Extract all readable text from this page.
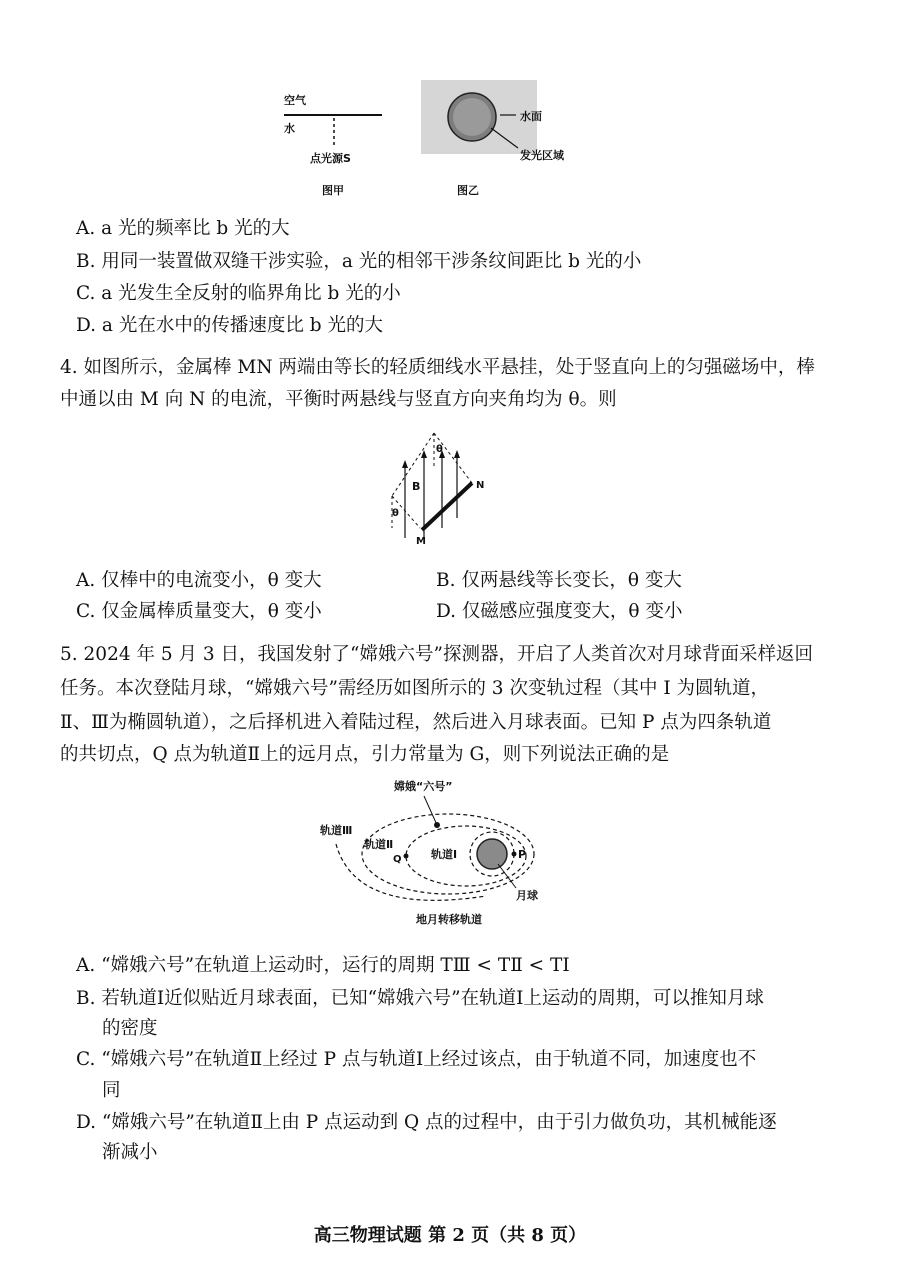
空气
水
点光源S
水面
发光区域
图甲	图乙
A. a 光的频率比 b 光的大
B. 用同一装置做双缝干涉实验，a 光的相邻干涉条纹间距比 b 光的小
C. a 光发生全反射的临界角比 b 光的小
D. a 光在水中的传播速度比 b 光的大
4. 如图所示，金属棒 MN 两端由等长的轻质细线水平悬挂，处于竖直向上的匀强磁场中，棒
中通以由 M 向 N 的电流，平衡时两悬线与竖直方向夹角均为 θ。则
B	N
M
θ
θ
A. 仅棒中的电流变小，θ 变大	B. 仅两悬线等长变长，θ 变大
C. 仅金属棒质量变大，θ 变小	D. 仅磁感应强度变大，θ 变小
5. 2024 年 5 月 3 日，我国发射了“嫦娥六号”探测器，开启了人类首次对月球背面采样返回
任务。本次登陆月球，“嫦娥六号”需经历如图所示的 3 次变轨过程（其中 Ⅰ 为圆轨道，
Ⅱ、Ⅲ为椭圆轨道），之后择机进入着陆过程，然后进入月球表面。已知 P 点为四条轨道
的共切点，Q 点为轨道Ⅱ上的远月点，引力常量为 G，则下列说法正确的是
嫦娥“六号”
轨道Ⅲ
轨道Ⅱ
轨道Ⅰ
Q	P
月球
地月转移轨道
A. “嫦娥六号”在轨道上运动时，运行的周期 TⅢ < TⅡ < TⅠ
B. 若轨道Ⅰ近似贴近月球表面，已知“嫦娥六号”在轨道Ⅰ上运动的周期，可以推知月球
的密度
C. “嫦娥六号”在轨道Ⅱ上经过 P 点与轨道Ⅰ上经过该点，由于轨道不同，加速度也不
同
D. “嫦娥六号”在轨道Ⅱ上由 P 点运动到 Q 点的过程中，由于引力做负功，其机械能逐
渐减小
高三物理试题 第 2 页（共 8 页）
